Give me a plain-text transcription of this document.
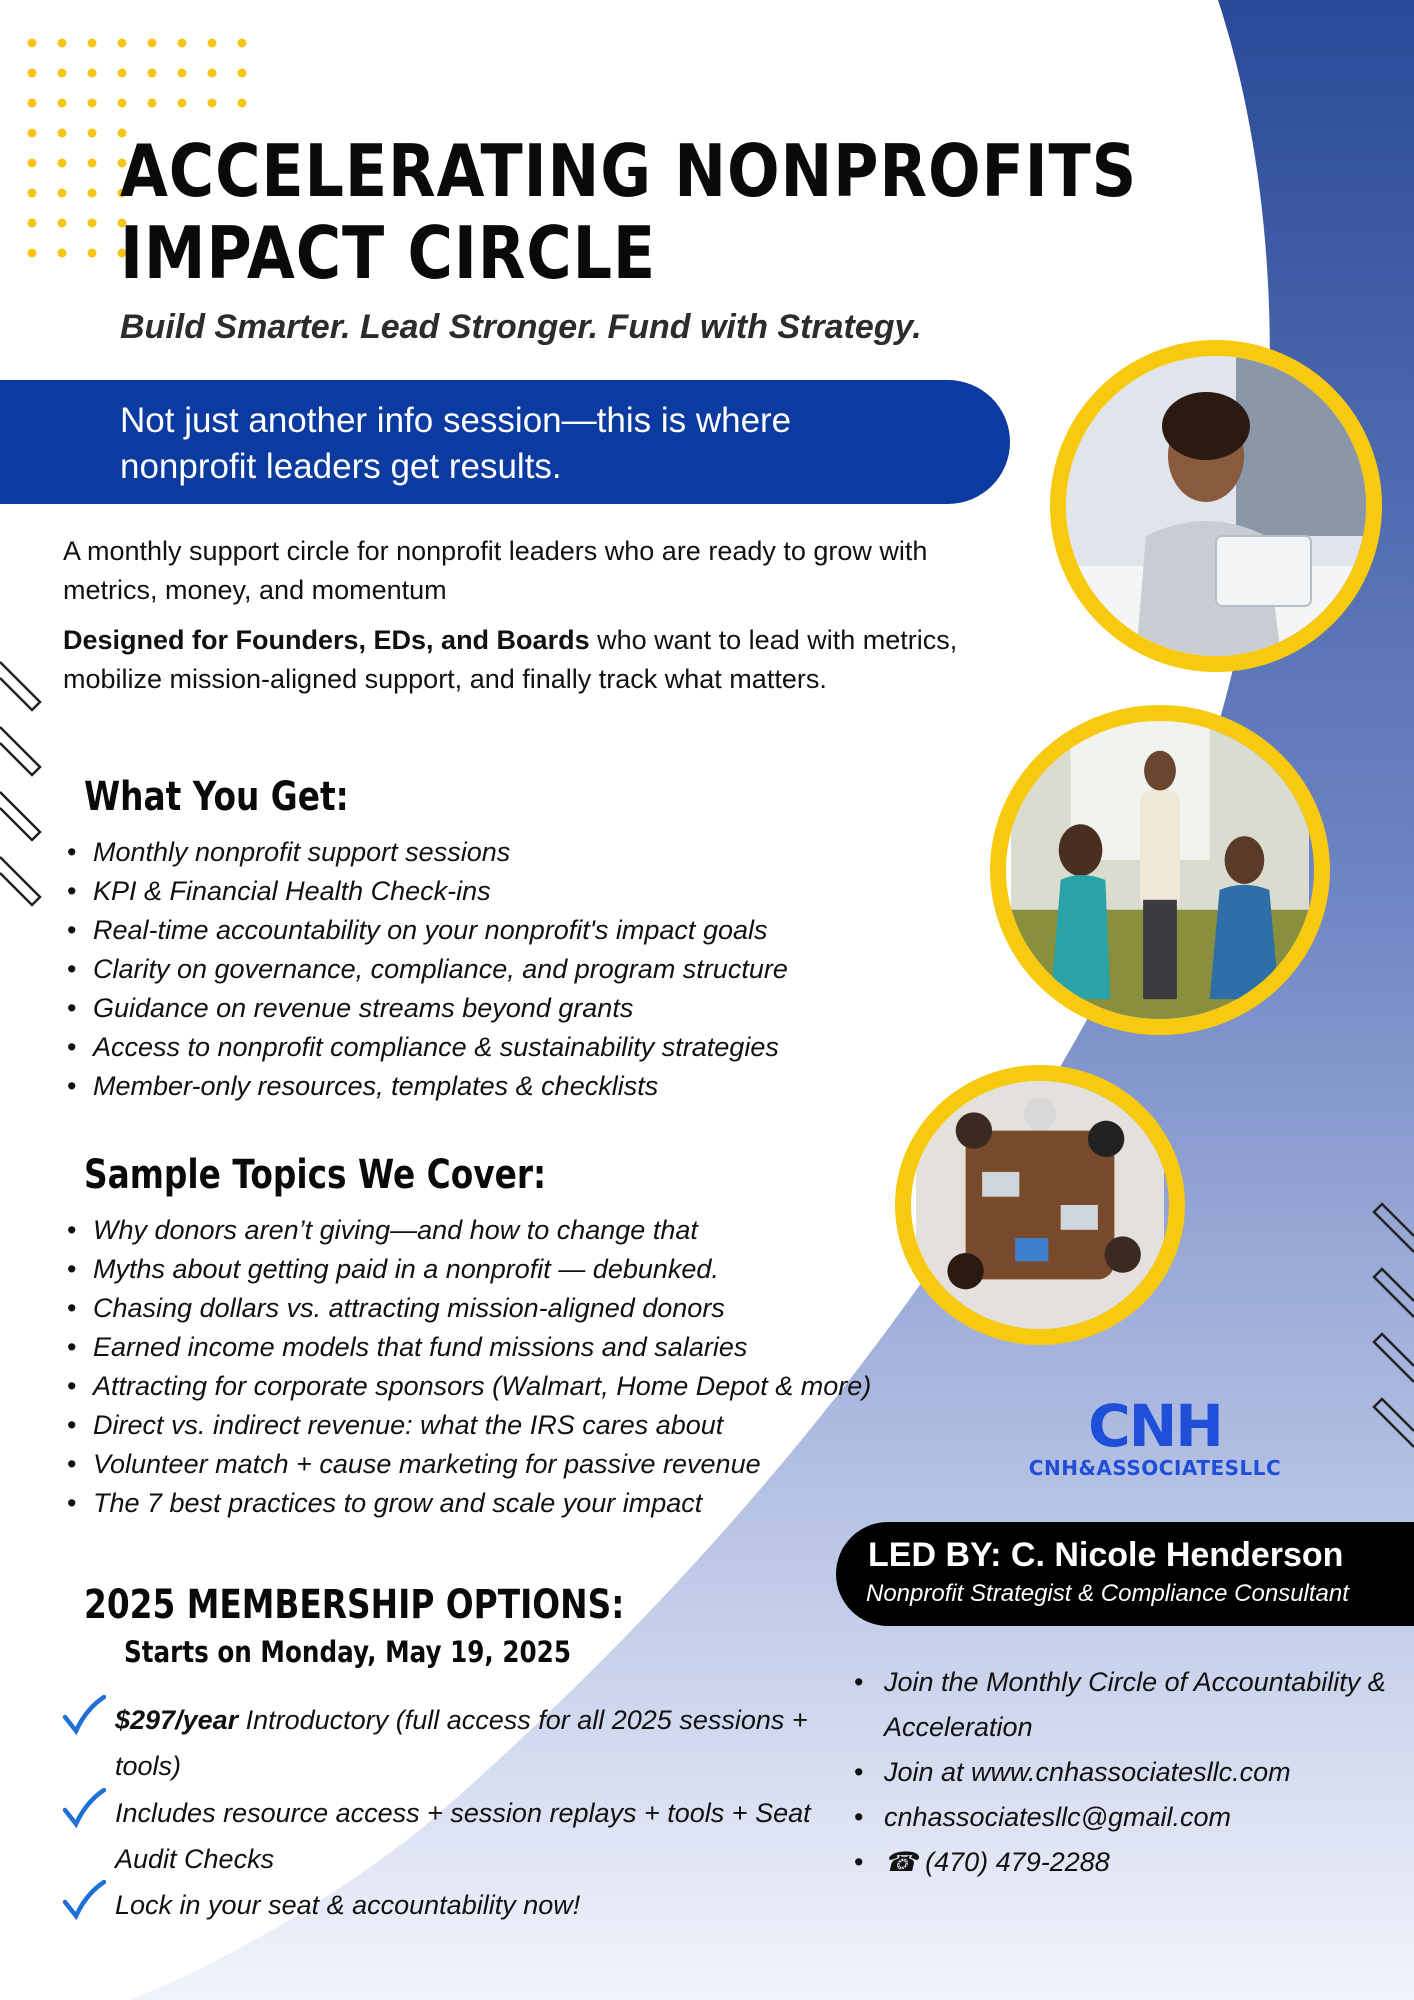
ACCELERATING NONPROFITS
IMPACT CIRCLE
Build Smarter. Lead Stronger. Fund with Strategy.
Not just another info session—this is where
nonprofit leaders get results.
A monthly support circle for nonprofit leaders who are ready to grow with metrics, money, and momentum
Designed for Founders, EDs, and Boards who want to lead with metrics, mobilize mission-aligned support, and finally track what matters.
What You Get:
• Monthly nonprofit support sessions
• KPI & Financial Health Check-ins
• Real-time accountability on your nonprofit's impact goals
• Clarity on governance, compliance, and program structure
• Guidance on revenue streams beyond grants
• Access to nonprofit compliance & sustainability strategies
• Member-only resources, templates & checklists
Sample Topics We Cover:
• Why donors aren’t giving—and how to change that
• Myths about getting paid in a nonprofit — debunked.
• Chasing dollars vs. attracting mission-aligned donors
• Earned income models that fund missions and salaries
• Attracting for corporate sponsors (Walmart, Home Depot & more)
• Direct vs. indirect revenue: what the IRS cares about
• Volunteer match + cause marketing for passive revenue
• The 7 best practices to grow and scale your impact
2025 MEMBERSHIP OPTIONS:
Starts on Monday, May 19, 2025
$297/year Introductory (full access for all 2025 sessions + tools)
Includes resource access + session replays + tools + Seat Audit Checks
Lock in your seat & accountability now!
CNH
CNH&ASSOCIATESLLC
LED BY: C. Nicole Henderson
Nonprofit Strategist & Compliance Consultant
• Join the Monthly Circle of Accountability & Acceleration
• Join at www.cnhassociatesllc.com
• cnhassociatesllc@gmail.com
• ☎ (470) 479-2288
